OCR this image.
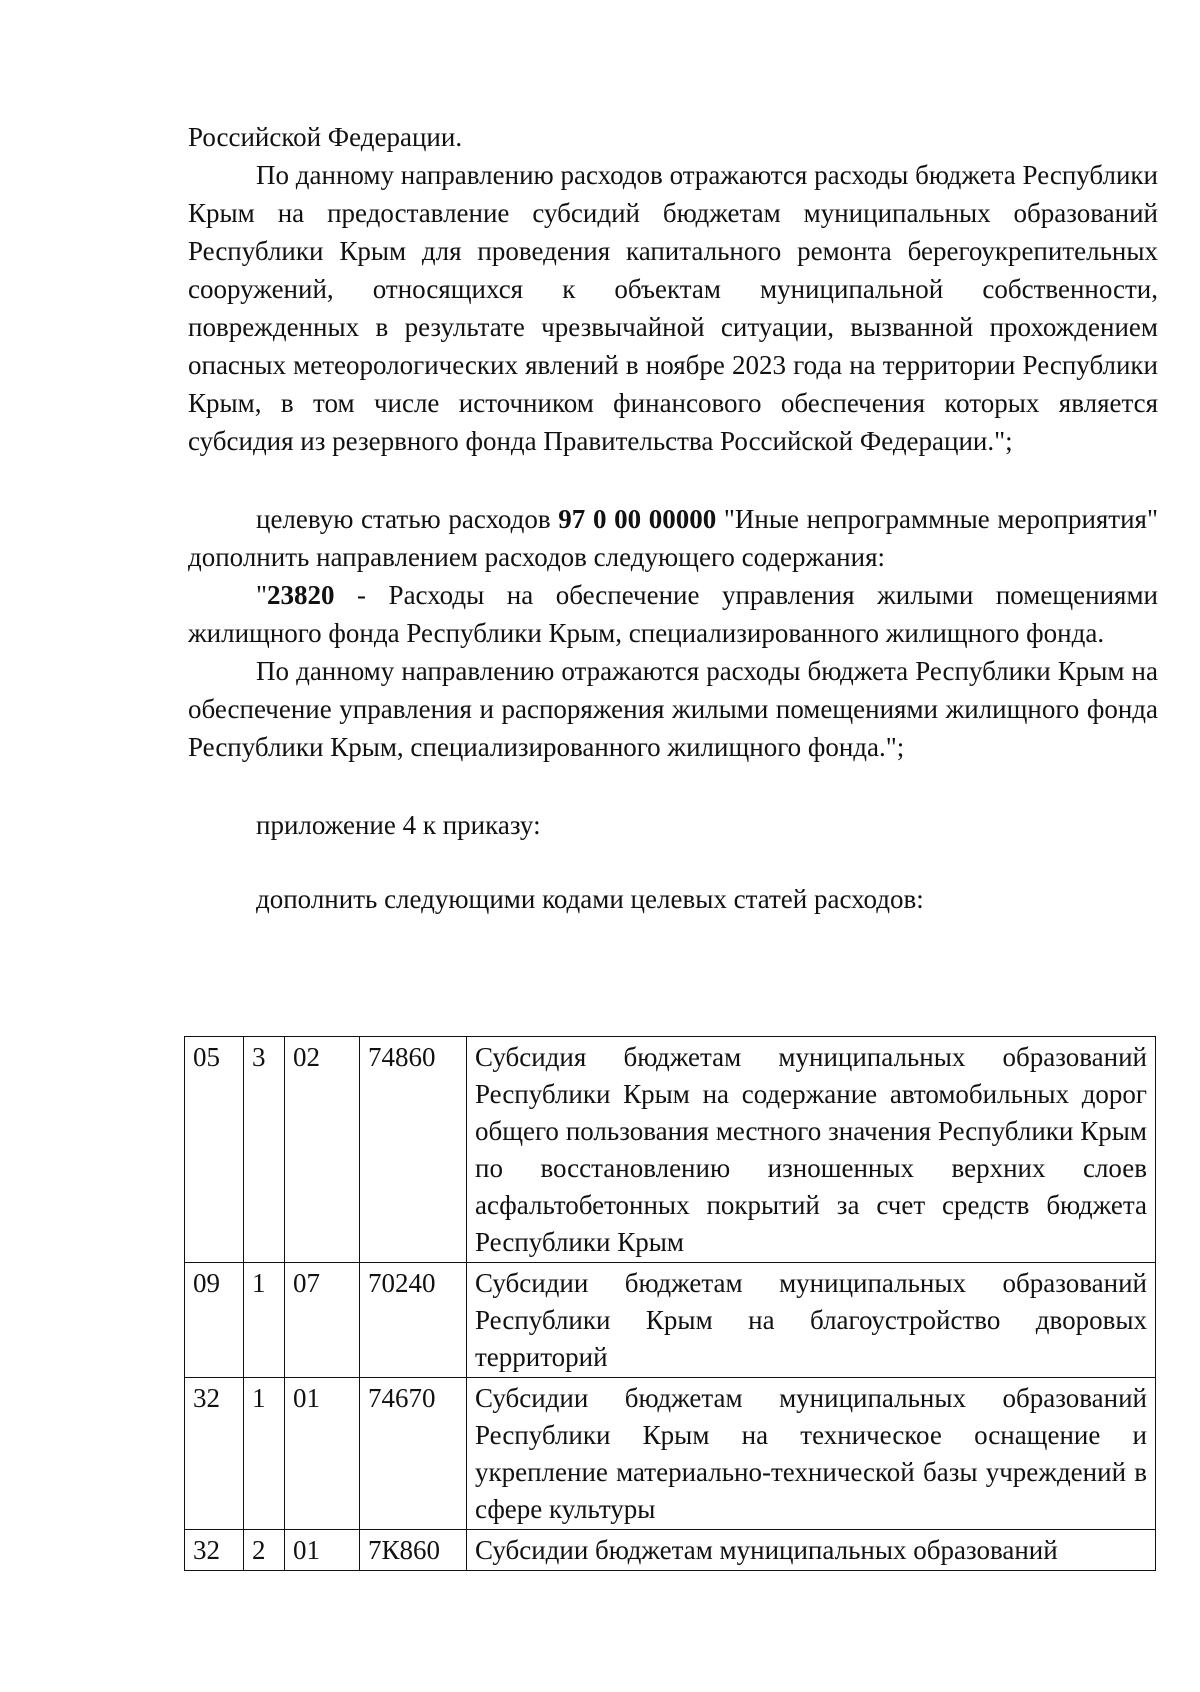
Российской Федерации.

По данному направлению расходов отражаются расходы бюджета Республики Крым на предоставление субсидий бюджетам муниципальных образований Республики Крым для проведения капитального ремонта берегоукрепительных сооружений, относящихся к объектам муниципальной собственности, поврежденных в результате чрезвычайной ситуации, вызванной прохождением опасных метеорологических явлений в ноябре 2023 года на территории Республики Крым, в том числе источником финансового обеспечения которых является субсидия из резервного фонда Правительства Российской Федерации.";

целевую статью расходов 97 0 00 00000 "Иные непрограммные мероприятия" дополнить направлением расходов следующего содержания:

"23820 - Расходы на обеспечение управления жилыми помещениями жилищного фонда Республики Крым, специализированного жилищного фонда.

По данному направлению отражаются расходы бюджета Республики Крым на обеспечение управления и распоряжения жилыми помещениями жилищного фонда Республики Крым, специализированного жилищного фонда.";

приложение 4 к приказу:

дополнить следующими кодами целевых статей расходов:

05	3	02	74860	Субсидия бюджетам муниципальных образований Республики Крым на содержание автомобильных дорог общего пользования местного значения Республики Крым по восстановлению изношенных верхних слоев асфальтобетонных покрытий за счет средств бюджета Республики Крым
09	1	07	70240	Субсидии бюджетам муниципальных образований Республики Крым на благоустройство дворовых территорий
32	1	01	74670	Субсидии бюджетам муниципальных образований Республики Крым на техническое оснащение и укрепление материально-технической базы учреждений в сфере культуры
32	2	01	7К860	Субсидии бюджетам муниципальных образований
